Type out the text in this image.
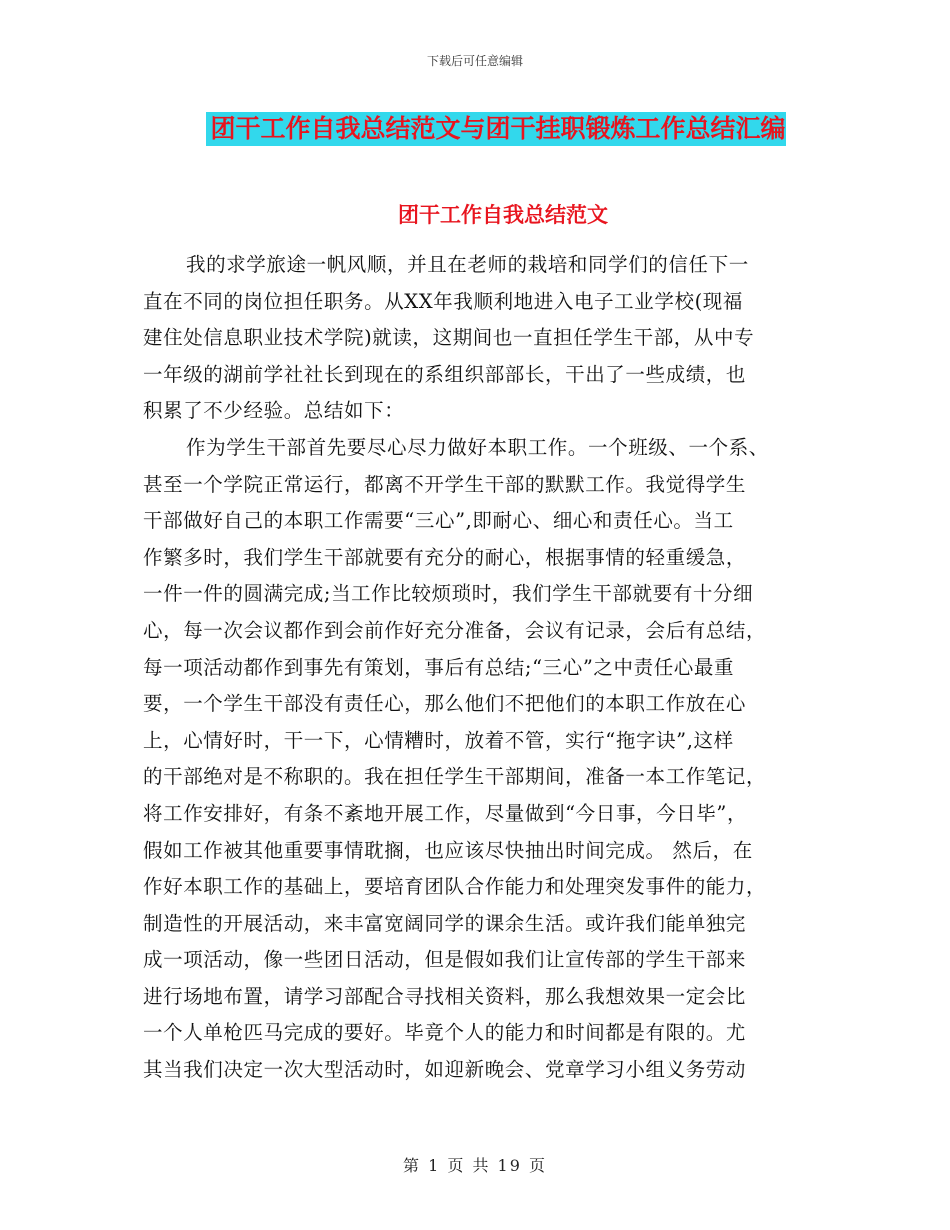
下载后可任意编辑
团干工作自我总结范文与团干挂职锻炼工作总结汇编
团干工作自我总结范文
我的求学旅途一帆风顺，并且在老师的栽培和同学们的信任下一
直在不同的岗位担任职务。从XX年我顺利地进入电子工业学校(现福
建住处信息职业技术学院)就读，这期间也一直担任学生干部，从中专
一年级的湖前学社社长到现在的系组织部部长，干出了一些成绩，也
积累了不少经验。总结如下：
作为学生干部首先要尽心尽力做好本职工作。一个班级、一个系、
甚至一个学院正常运行，都离不开学生干部的默默工作。我觉得学生
干部做好自己的本职工作需要“三心”,即耐心、细心和责任心。当工
作繁多时，我们学生干部就要有充分的耐心，根据事情的轻重缓急，
一件一件的圆满完成;当工作比较烦琐时，我们学生干部就要有十分细
心，每一次会议都作到会前作好充分准备，会议有记录，会后有总结，
每一项活动都作到事先有策划，事后有总结;“三心”之中责任心最重
要，一个学生干部没有责任心，那么他们不把他们的本职工作放在心
上，心情好时，干一下，心情糟时，放着不管，实行“拖字诀”,这样
的干部绝对是不称职的。我在担任学生干部期间，准备一本工作笔记，
将工作安排好，有条不紊地开展工作，尽量做到“今日事，今日毕”，
假如工作被其他重要事情耽搁，也应该尽快抽出时间完成。 然后，在
作好本职工作的基础上，要培育团队合作能力和处理突发事件的能力，
制造性的开展活动，来丰富宽阔同学的课余生活。或许我们能单独完
成一项活动，像一些团日活动，但是假如我们让宣传部的学生干部来
进行场地布置，请学习部配合寻找相关资料，那么我想效果一定会比
一个人单枪匹马完成的要好。毕竟个人的能力和时间都是有限的。尤
其当我们决定一次大型活动时，如迎新晚会、党章学习小组义务劳动
第 1 页 共 19 页
